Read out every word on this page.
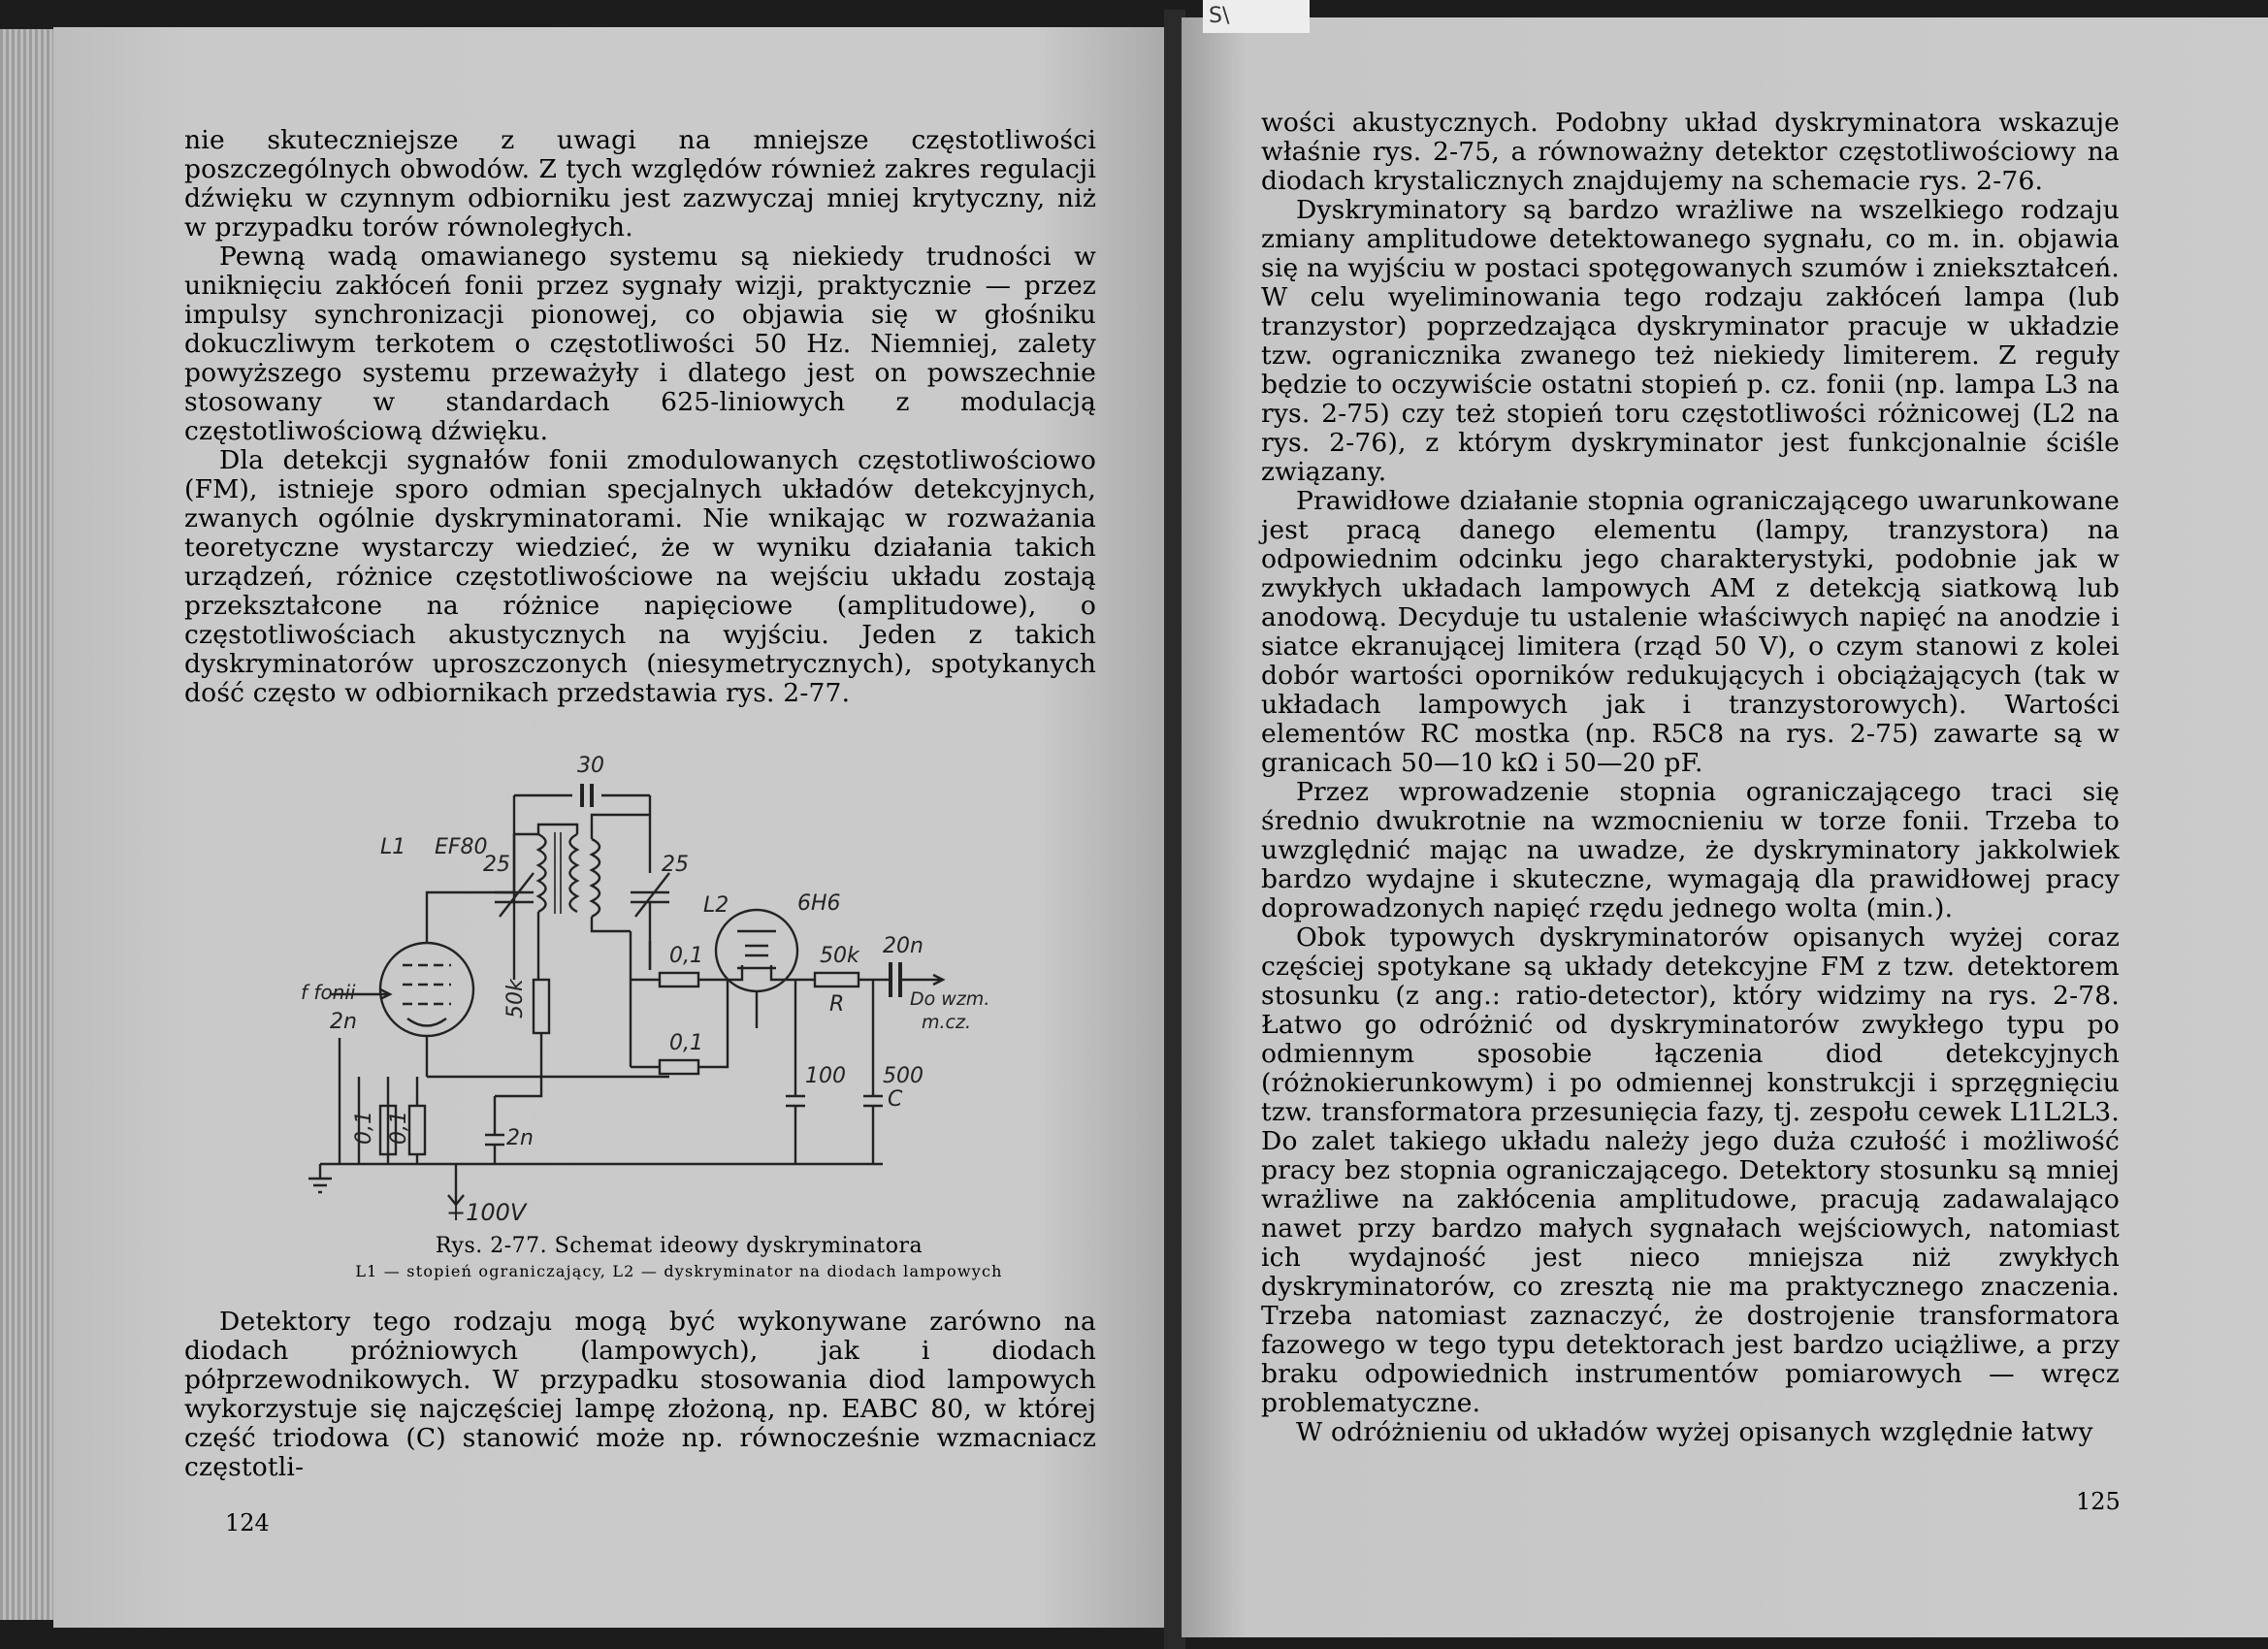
S\

nie skuteczniejsze z uwagi na mniejsze częstotliwości poszczególnych obwodów. Z tych względów również zakres regulacji dźwięku w czynnym odbiorniku jest zazwyczaj mniej krytyczny, niż w przypadku torów równoległych.

Pewną wadą omawianego systemu są niekiedy trudności w uniknięciu zakłóceń fonii przez sygnały wizji, praktycznie — przez impulsy synchronizacji pionowej, co objawia się w głośniku dokuczliwym terkotem o częstotliwości 50 Hz. Niemniej, zalety powyższego systemu przeważyły i dlatego jest on powszechnie stosowany w standardach 625-liniowych z modulacją częstotliwościową dźwięku.

Dla detekcji sygnałów fonii zmodulowanych częstotliwościowo (FM), istnieje sporo odmian specjalnych układów detekcyjnych, zwanych ogólnie dyskryminatorami. Nie wnikając w rozważania teoretyczne wystarczy wiedzieć, że w wyniku działania takich urządzeń, różnice częstotliwościowe na wejściu układu zostają przekształcone na różnice napięciowe (amplitudowe), o częstotliwościach akustycznych na wyjściu. Jeden z takich dyskryminatorów uproszczonych (niesymetrycznych), spotykanych dość często w odbiornikach przedstawia rys. 2-77.

30
L1 EF80
25	25
L2	6H6
0,1
0,1
50k
50k
R
20n
Do wzm.
m.cz.
f fonii
2n
2n
0,1 0,1
100 500
C
+100V
Rys. 2-77. Schemat ideowy dyskryminatora
L1 — stopień ograniczający, L2 — dyskryminator na diodach lampowych

Detektory tego rodzaju mogą być wykonywane zarówno na diodach próżniowych (lampowych), jak i diodach półprzewodnikowych. W przypadku stosowania diod lampowych wykorzystuje się najczęściej lampę złożoną, np. EABC 80, w której część triodowa (C) stanowić może np. równocześnie wzmacniacz częstotli-

124

wości akustycznych. Podobny układ dyskryminatora wskazuje właśnie rys. 2-75, a równoważny detektor częstotliwościowy na diodach krystalicznych znajdujemy na schemacie rys. 2-76.

Dyskryminatory są bardzo wrażliwe na wszelkiego rodzaju zmiany amplitudowe detektowanego sygnału, co m. in. objawia się na wyjściu w postaci spotęgowanych szumów i zniekształceń. W celu wyeliminowania tego rodzaju zakłóceń lampa (lub tranzystor) poprzedzająca dyskryminator pracuje w układzie tzw. ogranicznika zwanego też niekiedy limiterem. Z reguły będzie to oczywiście ostatni stopień p. cz. fonii (np. lampa L3 na rys. 2-75) czy też stopień toru częstotliwości różnicowej (L2 na rys. 2-76), z którym dyskryminator jest funkcjonalnie ściśle związany.

Prawidłowe działanie stopnia ograniczającego uwarunkowane jest pracą danego elementu (lampy, tranzystora) na odpowiednim odcinku jego charakterystyki, podobnie jak w zwykłych układach lampowych AM z detekcją siatkową lub anodową. Decyduje tu ustalenie właściwych napięć na anodzie i siatce ekranującej limitera (rząd 50 V), o czym stanowi z kolei dobór wartości oporników redukujących i obciążających (tak w układach lampowych jak i tranzystorowych). Wartości elementów RC mostka (np. R5C8 na rys. 2-75) zawarte są w granicach 50—10 kΩ i 50—20 pF.

Przez wprowadzenie stopnia ograniczającego traci się średnio dwukrotnie na wzmocnieniu w torze fonii. Trzeba to uwzględnić mając na uwadze, że dyskryminatory jakkolwiek bardzo wydajne i skuteczne, wymagają dla prawidłowej pracy doprowadzonych napięć rzędu jednego wolta (min.).

Obok typowych dyskryminatorów opisanych wyżej coraz częściej spotykane są układy detekcyjne FM z tzw. detektorem stosunku (z ang.: ratio-detector), który widzimy na rys. 2-78. Łatwo go odróżnić od dyskryminatorów zwykłego typu po odmiennym sposobie łączenia diod detekcyjnych (różnokierunkowym) i po odmiennej konstrukcji i sprzęgnięciu tzw. transformatora przesunięcia fazy, tj. zespołu cewek L1L2L3. Do zalet takiego układu należy jego duża czułość i możliwość pracy bez stopnia ograniczającego. Detektory stosunku są mniej wrażliwe na zakłócenia amplitudowe, pracują zadawalająco nawet przy bardzo małych sygnałach wejściowych, natomiast ich wydajność jest nieco mniejsza niż zwykłych dyskryminatorów, co zresztą nie ma praktycznego znaczenia. Trzeba natomiast zaznaczyć, że dostrojenie transformatora fazowego w tego typu detektorach jest bardzo uciążliwe, a przy braku odpowiednich instrumentów pomiarowych — wręcz problematyczne.

W odróżnieniu od układów wyżej opisanych względnie łatwy

125
